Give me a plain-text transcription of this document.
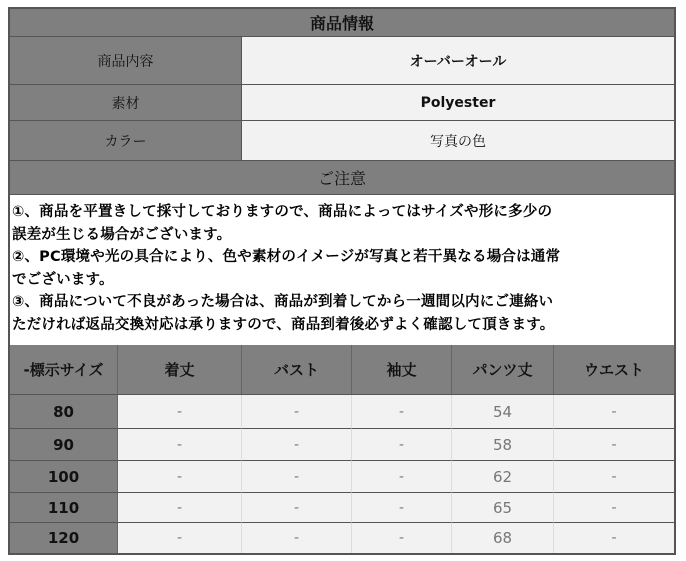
商品情報
商品内容	オーバーオール
素材	Polyester
カラー	写真の色
ご注意
①、商品を平置きして採寸しておりますので、商品によってはサイズや形に多少の
誤差が生じる場合がございます。
②、PC環境や光の具合により、色や素材のイメージが写真と若干異なる場合は通常
でございます。
③、商品について不良があった場合は、商品が到着してから一週間以内にご連絡い
ただければ返品交換対応は承りますので、商品到着後必ずよく確認して頂きます。
-標示サイズ	着丈	バスト	袖丈	パンツ丈	ウエスト
80	-	-	-	54	-
90	-	-	-	58	-
100	-	-	-	62	-
110	-	-	-	65	-
120	-	-	-	68	-
